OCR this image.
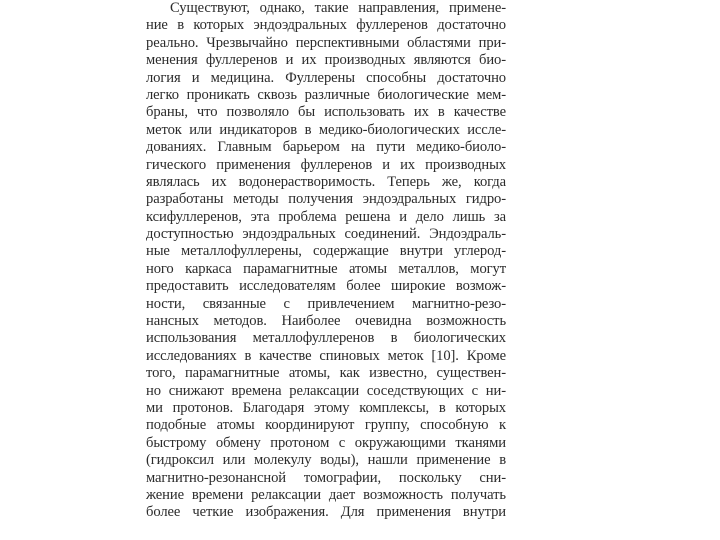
Существуют, однако, такие направления, примене-
ние в которых эндоэдральных фуллеренов достаточно
реально. Чрезвычайно перспективными областями при-
менения фуллеренов и их производных являются био-
логия и медицина. Фуллерены способны достаточно
легко проникать сквозь различные биологические мем-
браны, что позволяло бы использовать их в качестве
меток или индикаторов в медико-биологических иссле-
дованиях. Главным барьером на пути медико-биоло-
гического применения фуллеренов и их производных
являлась их водонерастворимость. Теперь же, когда
разработаны методы получения эндоэдральных гидро-
ксифуллеренов, эта проблема решена и дело лишь за
доступностью эндоэдральных соединений. Эндоэдраль-
ные металлофуллерены, содержащие внутри углерод-
ного каркаса парамагнитные атомы металлов, могут
предоставить исследователям более широкие возмож-
ности, связанные с привлечением магнитно-резо-
нансных методов. Наиболее очевидна возможность
использования металлофуллеренов в биологических
исследованиях в качестве спиновых меток [10]. Кроме
того, парамагнитные атомы, как известно, существен-
но снижают времена релаксации соседствующих с ни-
ми протонов. Благодаря этому комплексы, в которых
подобные атомы координируют группу, способную к
быстрому обмену протоном с окружающими тканями
(гидроксил или молекулу воды), нашли применение в
магнитно-резонансной томографии, поскольку сни-
жение времени релаксации дает возможность получать
более четкие изображения. Для применения внутри
